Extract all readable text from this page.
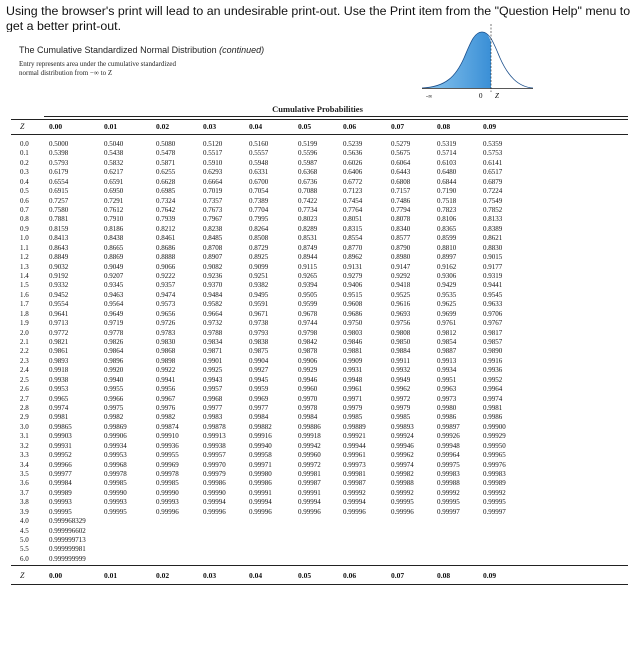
Using the browser's print will lead to an undesirable print-out. Use the Print item from the "Question Help" menu to get a better print-out.
The Cumulative Standardized Normal Distribution (continued)
Entry represents area under the cumulative standardized
normal distribution from −∞ to Z
-∞	0 Z
Cumulative Probabilities
Z	0.00	0.01	0.02	0.03	0.04	0.05	0.06	0.07	0.08	0.09
0.0	0.5000	0.5040	0.5080	0.5120	0.5160	0.5199	0.5239	0.5279	0.5319	0.5359
0.1	0.5398	0.5438	0.5478	0.5517	0.5557	0.5596	0.5636	0.5675	0.5714	0.5753
0.2	0.5793	0.5832	0.5871	0.5910	0.5948	0.5987	0.6026	0.6064	0.6103	0.6141
0.3	0.6179	0.6217	0.6255	0.6293	0.6331	0.6368	0.6406	0.6443	0.6480	0.6517
0.4	0.6554	0.6591	0.6628	0.6664	0.6700	0.6736	0.6772	0.6808	0.6844	0.6879
0.5	0.6915	0.6950	0.6985	0.7019	0.7054	0.7088	0.7123	0.7157	0.7190	0.7224
0.6	0.7257	0.7291	0.7324	0.7357	0.7389	0.7422	0.7454	0.7486	0.7518	0.7549
0.7	0.7580	0.7612	0.7642	0.7673	0.7704	0.7734	0.7764	0.7794	0.7823	0.7852
0.8	0.7881	0.7910	0.7939	0.7967	0.7995	0.8023	0.8051	0.8078	0.8106	0.8133
0.9	0.8159	0.8186	0.8212	0.8238	0.8264	0.8289	0.8315	0.8340	0.8365	0.8389
1.0	0.8413	0.8438	0.8461	0.8485	0.8508	0.8531	0.8554	0.8577	0.8599	0.8621
1.1	0.8643	0.8665	0.8686	0.8708	0.8729	0.8749	0.8770	0.8790	0.8810	0.8830
1.2	0.8849	0.8869	0.8888	0.8907	0.8925	0.8944	0.8962	0.8980	0.8997	0.9015
1.3	0.9032	0.9049	0.9066	0.9082	0.9099	0.9115	0.9131	0.9147	0.9162	0.9177
1.4	0.9192	0.9207	0.9222	0.9236	0.9251	0.9265	0.9279	0.9292	0.9306	0.9319
1.5	0.9332	0.9345	0.9357	0.9370	0.9382	0.9394	0.9406	0.9418	0.9429	0.9441
1.6	0.9452	0.9463	0.9474	0.9484	0.9495	0.9505	0.9515	0.9525	0.9535	0.9545
1.7	0.9554	0.9564	0.9573	0.9582	0.9591	0.9599	0.9608	0.9616	0.9625	0.9633
1.8	0.9641	0.9649	0.9656	0.9664	0.9671	0.9678	0.9686	0.9693	0.9699	0.9706
1.9	0.9713	0.9719	0.9726	0.9732	0.9738	0.9744	0.9750	0.9756	0.9761	0.9767
2.0	0.9772	0.9778	0.9783	0.9788	0.9793	0.9798	0.9803	0.9808	0.9812	0.9817
2.1	0.9821	0.9826	0.9830	0.9834	0.9838	0.9842	0.9846	0.9850	0.9854	0.9857
2.2	0.9861	0.9864	0.9868	0.9871	0.9875	0.9878	0.9881	0.9884	0.9887	0.9890
2.3	0.9893	0.9896	0.9898	0.9901	0.9904	0.9906	0.9909	0.9911	0.9913	0.9916
2.4	0.9918	0.9920	0.9922	0.9925	0.9927	0.9929	0.9931	0.9932	0.9934	0.9936
2.5	0.9938	0.9940	0.9941	0.9943	0.9945	0.9946	0.9948	0.9949	0.9951	0.9952
2.6	0.9953	0.9955	0.9956	0.9957	0.9959	0.9960	0.9961	0.9962	0.9963	0.9964
2.7	0.9965	0.9966	0.9967	0.9968	0.9969	0.9970	0.9971	0.9972	0.9973	0.9974
2.8	0.9974	0.9975	0.9976	0.9977	0.9977	0.9978	0.9979	0.9979	0.9980	0.9981
2.9	0.9981	0.9982	0.9982	0.9983	0.9984	0.9984	0.9985	0.9985	0.9986	0.9986
3.0	0.99865	0.99869	0.99874	0.99878	0.99882	0.99886	0.99889	0.99893	0.99897	0.99900
3.1	0.99903	0.99906	0.99910	0.99913	0.99916	0.99918	0.99921	0.99924	0.99926	0.99929
3.2	0.99931	0.99934	0.99936	0.99938	0.99940	0.99942	0.99944	0.99946	0.99948	0.99950
3.3	0.99952	0.99953	0.99955	0.99957	0.99958	0.99960	0.99961	0.99962	0.99964	0.99965
3.4	0.99966	0.99968	0.99969	0.99970	0.99971	0.99972	0.99973	0.99974	0.99975	0.99976
3.5	0.99977	0.99978	0.99978	0.99979	0.99980	0.99981	0.99981	0.99982	0.99983	0.99983
3.6	0.99984	0.99985	0.99985	0.99986	0.99986	0.99987	0.99987	0.99988	0.99988	0.99989
3.7	0.99989	0.99990	0.99990	0.99990	0.99991	0.99991	0.99992	0.99992	0.99992	0.99992
3.8	0.99993	0.99993	0.99993	0.99994	0.99994	0.99994	0.99994	0.99995	0.99995	0.99995
3.9	0.99995	0.99995	0.99996	0.99996	0.99996	0.99996	0.99996	0.99996	0.99997	0.99997
4.0	0.999968329
4.5	0.999996602
5.0	0.999999713
5.5	0.999999981
6.0	0.999999999
Z	0.00	0.01	0.02	0.03	0.04	0.05	0.06	0.07	0.08	0.09
